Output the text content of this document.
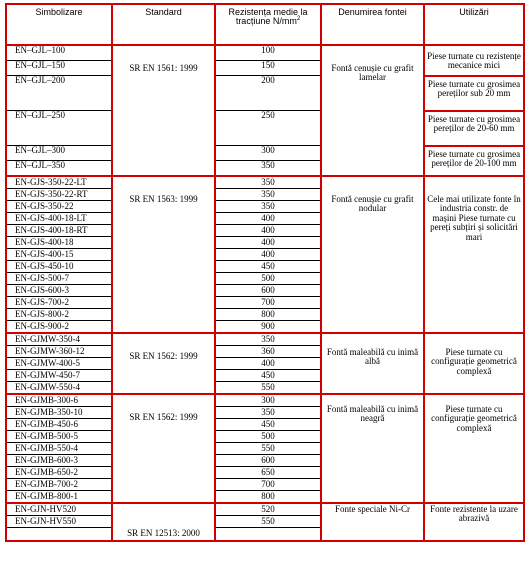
Simbolizare	Standard	Rezistența medie la tracțiune $N/mm^2$	Denumirea fontei	Utilizări
EN–GJL–100	SR EN 1561: 1999	100	Fontă cenușie cu grafit lamelar	Piese turnate cu rezistențe mecanice mici
EN–GJL–150		150		
EN–GJL–200		200		Piese turnate cu grosimea pereților sub 20 mm
EN–GJL–250		250		Piese turnate cu grosimea pereților de 20-60 mm
EN–GJL–300		300		Piese turnate cu grosimea pereților de 20-100 mm
EN–GJL–350		350		
EN-GJS-350-22-LT	SR EN 1563: 1999	350	Fontă cenușie cu grafit nodular	Cele mai utilizate fonte în industria constr. de mașini Piese turnate cu pereți subțiri și solicitări mari
EN-GJS-350-22-RT		350		
EN-GJS-350-22		350		
EN-GJS-400-18-LT		400		
EN-GJS-400-18-RT		400		
EN-GJS-400-18		400		
EN-GJS-400-15		400		
EN-GJS-450-10		450		
EN-GJS-500-7		500		
EN-GJS-600-3		600		
EN-GJS-700-2		700		
EN-GJS-800-2		800		
EN-GJS-900-2		900		
EN-GJMW-350-4	SR EN 1562: 1999	350	Fontă maleabilă cu inimă albă	Piese turnate cu configurație geometrică complexă
EN-GJMW-360-12		360		
EN-GJMW-400-5		400		
EN-GJMW-450-7		450		
EN-GJMW-550-4		550		
EN-GJMB-300-6	SR EN 1562: 1999	300	Fontă maleabilă cu inimă neagră	Piese turnate cu configurație geometrică complexă
EN-GJMB-350-10		350		
EN-GJMB-450-6		450		
EN-GJMB-500-5		500		
EN-GJMB-550-4		550		
EN-GJMB-600-3		600		
EN-GJMB-650-2		650		
EN-GJMB-700-2		700		
EN-GJMB-800-1		800		
EN-GJN-HV520	SR EN 12513: 2000	520	Fonte speciale Ni-Cr	Fonte rezistente la uzare abrazivă
EN-GJN-HV550		550		
